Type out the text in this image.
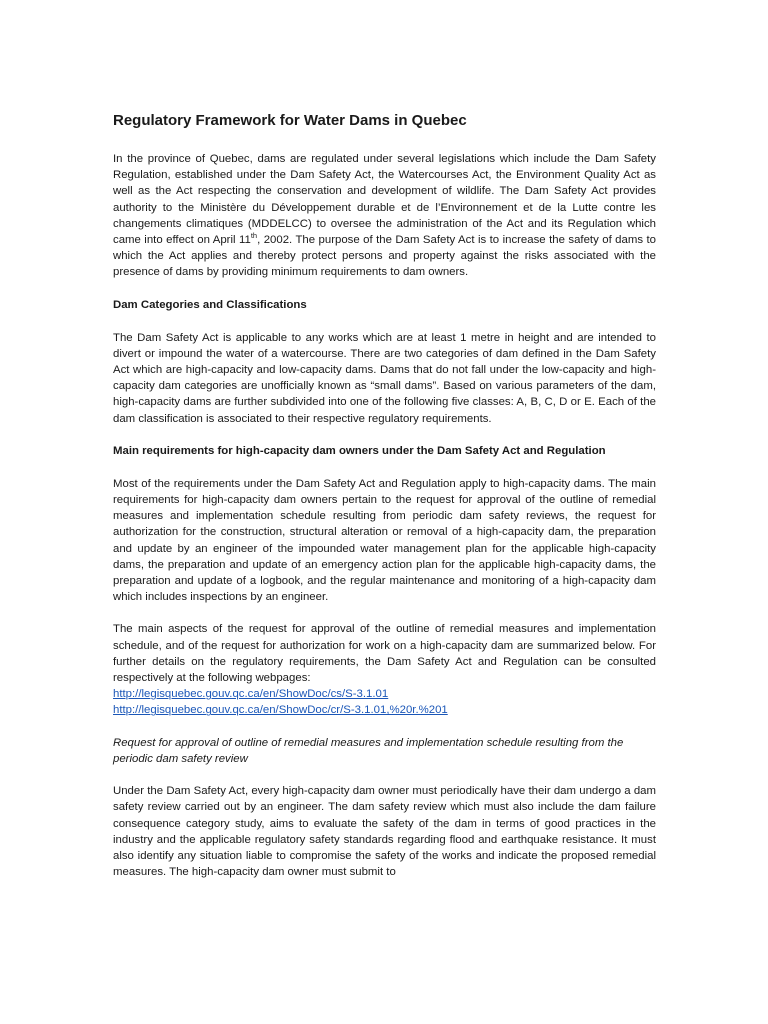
Regulatory Framework for Water Dams in Quebec

In the province of Quebec, dams are regulated under several legislations which include the Dam Safety Regulation, established under the Dam Safety Act, the Watercourses Act, the Environment Quality Act as well as the Act respecting the conservation and development of wildlife. The Dam Safety Act provides authority to the Ministère du Développement durable et de l’Environnement et de la Lutte contre les changements climatiques (MDDELCC) to oversee the administration of the Act and its Regulation which came into effect on April 11th, 2002. The purpose of the Dam Safety Act is to increase the safety of dams to which the Act applies and thereby protect persons and property against the risks associated with the presence of dams by providing minimum requirements to dam owners.

Dam Categories and Classifications

The Dam Safety Act is applicable to any works which are at least 1 metre in height and are intended to divert or impound the water of a watercourse. There are two categories of dam defined in the Dam Safety Act which are high-capacity and low-capacity dams. Dams that do not fall under the low-capacity and high-capacity dam categories are unofficially known as “small dams”. Based on various parameters of the dam, high-capacity dams are further subdivided into one of the following five classes: A, B, C, D or E. Each of the dam classification is associated to their respective regulatory requirements.

Main requirements for high-capacity dam owners under the Dam Safety Act and Regulation

Most of the requirements under the Dam Safety Act and Regulation apply to high-capacity dams. The main requirements for high-capacity dam owners pertain to the request for approval of the outline of remedial measures and implementation schedule resulting from periodic dam safety reviews, the request for authorization for the construction, structural alteration or removal of a high-capacity dam, the preparation and update by an engineer of the impounded water management plan for the applicable high-capacity dams, the preparation and update of an emergency action plan for the applicable high-capacity dams, the preparation and update of a logbook, and the regular maintenance and monitoring of a high-capacity dam which includes inspections by an engineer.

The main aspects of the request for approval of the outline of remedial measures and implementation schedule, and of the request for authorization for work on a high-capacity dam are summarized below. For further details on the regulatory requirements, the Dam Safety Act and Regulation can be consulted respectively at the following webpages:
http://legisquebec.gouv.qc.ca/en/ShowDoc/cs/S-3.1.01
http://legisquebec.gouv.qc.ca/en/ShowDoc/cr/S-3.1.01,%20r.%201

Request for approval of outline of remedial measures and implementation schedule resulting from the periodic dam safety review

Under the Dam Safety Act, every high-capacity dam owner must periodically have their dam undergo a dam safety review carried out by an engineer. The dam safety review which must also include the dam failure consequence category study, aims to evaluate the safety of the dam in terms of good practices in the industry and the applicable regulatory safety standards regarding flood and earthquake resistance. It must also identify any situation liable to compromise the safety of the works and indicate the proposed remedial measures. The high-capacity dam owner must submit to
